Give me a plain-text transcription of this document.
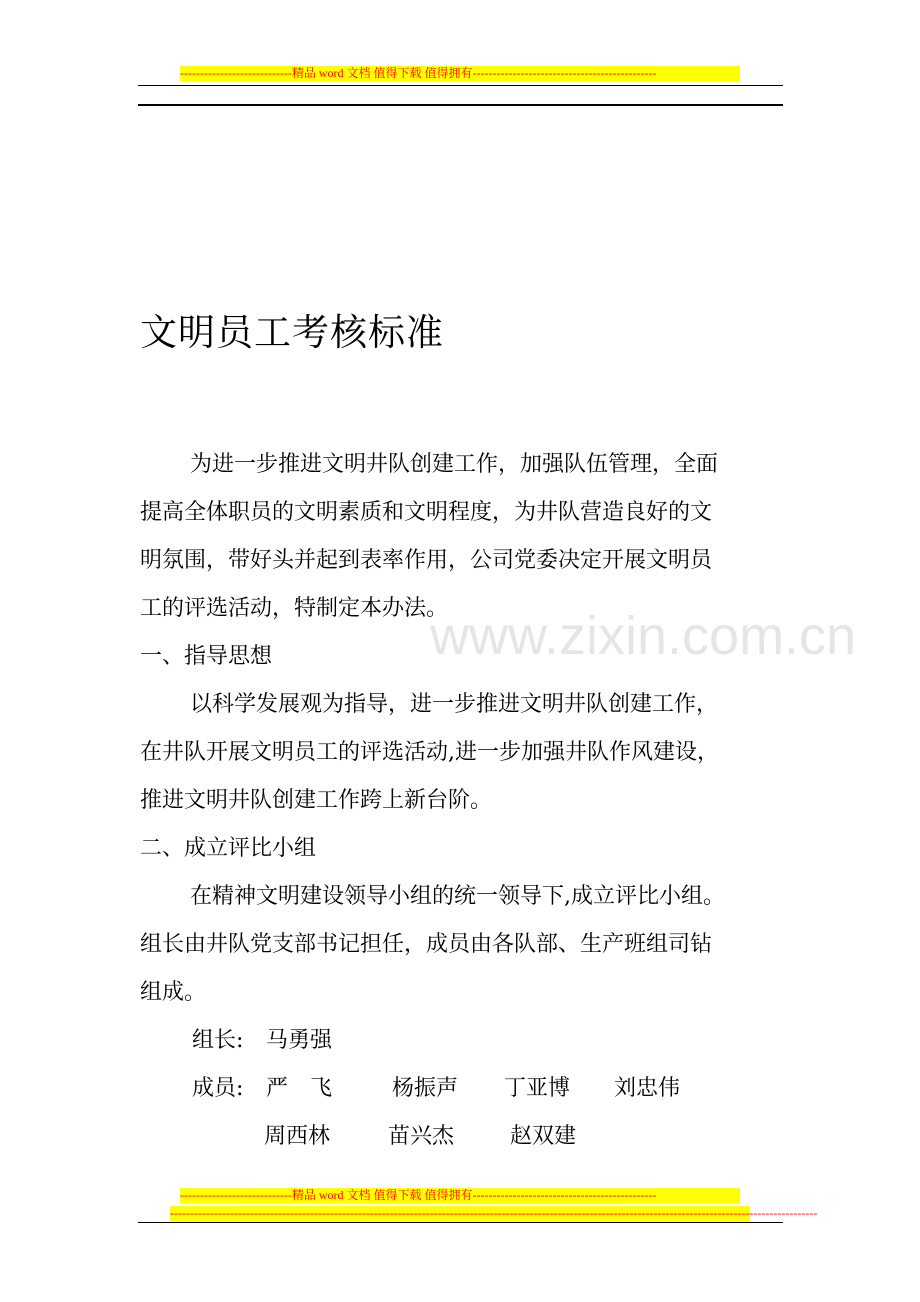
----------------------------精品 word 文档 值得下载 值得拥有----------------------------------------------
文明员工考核标准
为进一步推进文明井队创建工作，加强队伍管理，全面
提高全体职员的文明素质和文明程度，为井队营造良好的文
明氛围，带好头并起到表率作用，公司党委决定开展文明员
工的评选活动，特制定本办法。
www.zixin.com.cn
一、指导思想
以科学发展观为指导，进一步推进文明井队创建工作，
在井队开展文明员工的评选活动,进一步加强井队作风建设，
推进文明井队创建工作跨上新台阶。
二、成立评比小组
在精神文明建设领导小组的统一领导下,成立评比小组。
组长由井队党支部书记担任，成员由各队部、生产班组司钻
组成。
组长: 马勇强
成员: 严　飞	杨振声 丁亚博 刘忠伟
周西林	苗兴杰	赵双建
----------------------------精品 word 文档 值得下载 值得拥有----------------------------------------------
------------------------------------------------------------------------------------------------------------------------------------------------------------------
